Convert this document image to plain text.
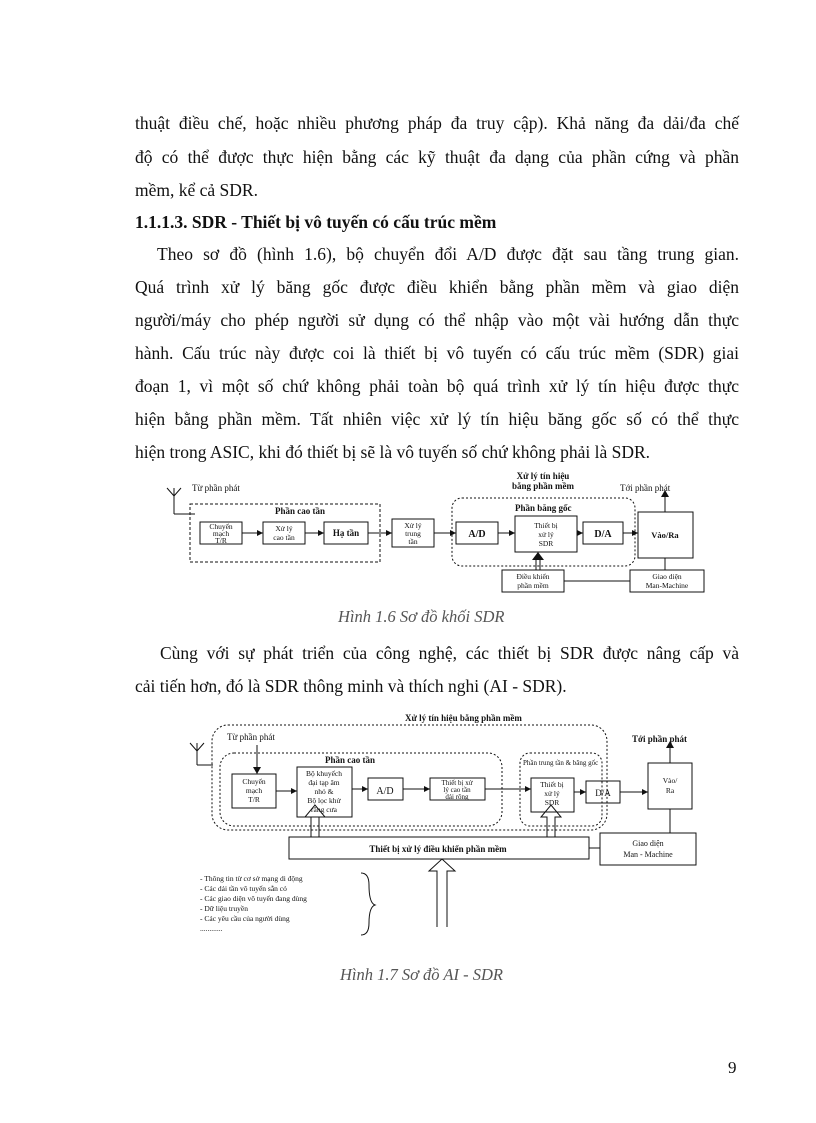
thuật điều chế, hoặc nhiều phương pháp đa truy cập). Khả năng đa dải/đa chế
độ có thể được thực hiện bằng các kỹ thuật đa dạng của phần cứng và phần
mềm, kể cả SDR.
1.1.1.3. SDR - Thiết bị vô tuyến có cấu trúc mềm
Theo sơ đồ (hình 1.6), bộ chuyển đổi A/D được đặt sau tầng trung gian.
Quá trình xử lý băng gốc được điều khiển bằng phần mềm và giao diện
người/máy cho phép người sử dụng có thể nhập vào một vài hướng dẫn thực
hành. Cấu trúc này được coi là thiết bị vô tuyến có cấu trúc mềm (SDR) giai
đoạn 1, vì một số chứ không phải toàn bộ quá trình xử lý tín hiệu được thực
hiện bằng phần mềm. Tất nhiên việc xử lý tín hiệu băng gốc số có thể thực
hiện trong ASIC, khi đó thiết bị sẽ là vô tuyến số chứ không phải là SDR.
Từ phần phát	Tới phần phát
Xử lý tín hiệu
bằng phần mềm
Phần cao tần	Phần băng gốc
Chuyển
mạch
T/R
Xử lý
cao tần	Hạ tần
Xử lý
trung
tần
A/D
Thiết bị
xử lý
SDR
D/A	Vào/Ra
Điều khiển
phần mềm
Giao diện
Man-Machine
Hình 1.6 Sơ đồ khối SDR
Cùng với sự phát triển của công nghệ, các thiết bị SDR được nâng cấp và
cải tiến hơn, đó là SDR thông minh và thích nghi (AI - SDR).
Xử lý tín hiệu bằng phần mềm
Từ phần phát	Tới phần phát
Phần cao tần	Phần trung tần & băng gốc
Thiết bị xử lý điều khiển phần mềm
Chuyển
mạch
T/R
Bộ khuyếch
đại tạp âm
nhỏ &
Bộ lọc khử
răng cưa
A/D
Thiết bị xử
lý cao tần
dải rộng
Thiết bị
xử lý
SDR
D/A
Vào/
Ra
Giao diện
Man - Machine
- Thông tin từ cơ sở mạng di động
- Các dải tần vô tuyến sẵn có
- Các giao diện vô tuyến đang dùng
- Dữ liệu truyền
- Các yêu cầu của người dùng
............
Hình 1.7 Sơ đồ AI - SDR
9
